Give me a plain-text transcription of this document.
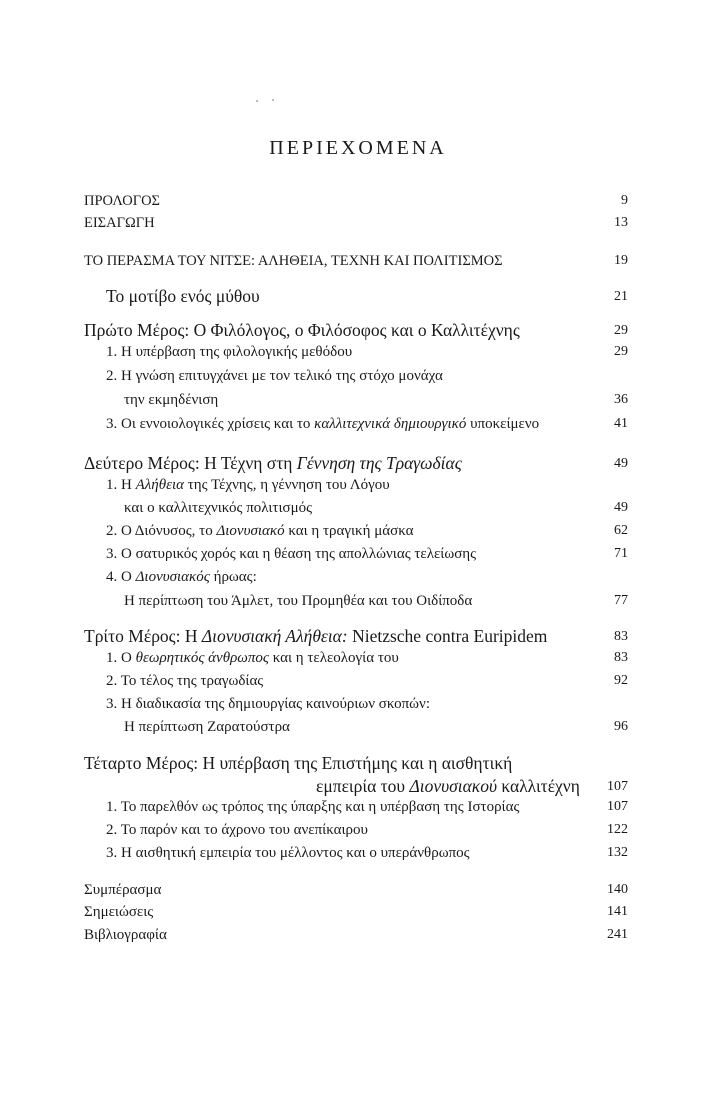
ΠΕΡΙΕΧΟΜΕΝΑ
ΠΡΟΛΟΓΟΣ	9
ΕΙΣΑΓΩΓΗ	13
ΤΟ ΠΕΡΑΣΜΑ ΤΟΥ ΝΙΤΣΕ: ΑΛΗΘΕΙΑ, ΤΕΧΝΗ ΚΑΙ ΠΟΛΙΤΙΣΜΟΣ	19
Το μοτίβο ενός μύθου	21
Πρώτο Μέρος: Ο Φιλόλογος, ο Φιλόσοφος και ο Καλλιτέχνης	29
1. Η υπέρβαση της φιλολογικής μεθόδου	29
2. Η γνώση επιτυγχάνει με τον τελικό της στόχο μονάχα
την εκμηδένιση	36
3. Οι εννοιολογικές χρίσεις και το καλλιτεχνικά δημιουργικό υποκείμενο	41
Δεύτερο Μέρος: Η Τέχνη στη Γέννηση της Τραγωδίας	49
1. Η Αλήθεια της Τέχνης, η γέννηση του Λόγου
και ο καλλιτεχνικός πολιτισμός	49
2. Ο Διόνυσος, το Διονυσιακό και η τραγική μάσκα	62
3. Ο σατυρικός χορός και η θέαση της απολλώνιας τελείωσης	71
4. Ο Διονυσιακός ήρωας:
Η περίπτωση του Άμλετ, του Προμηθέα και του Οιδίποδα	77
Τρίτο Μέρος: Η Διονυσιακή Αλήθεια: Nietzsche contra Euripidem	83
1. Ο θεωρητικός άνθρωπος και η τελεολογία του	83
2. Το τέλος της τραγωδίας	92
3. Η διαδικασία της δημιουργίας καινούριων σκοπών:
Η περίπτωση Ζαρατούστρα	96
Τέταρτο Μέρος: Η υπέρβαση της Επιστήμης και η αισθητική
εμπειρία του Διονυσιακού καλλιτέχνη 107
1. Το παρελθόν ως τρόπος της ύπαρξης και η υπέρβαση της Ιστορίας	107
2. Το παρόν και το άχρονο του ανεπίκαιρου	122
3. Η αισθητική εμπειρία του μέλλοντος και ο υπεράνθρωπος	132
Συμπέρασμα	140
Σημειώσεις	141
Βιβλιογραφία	241
